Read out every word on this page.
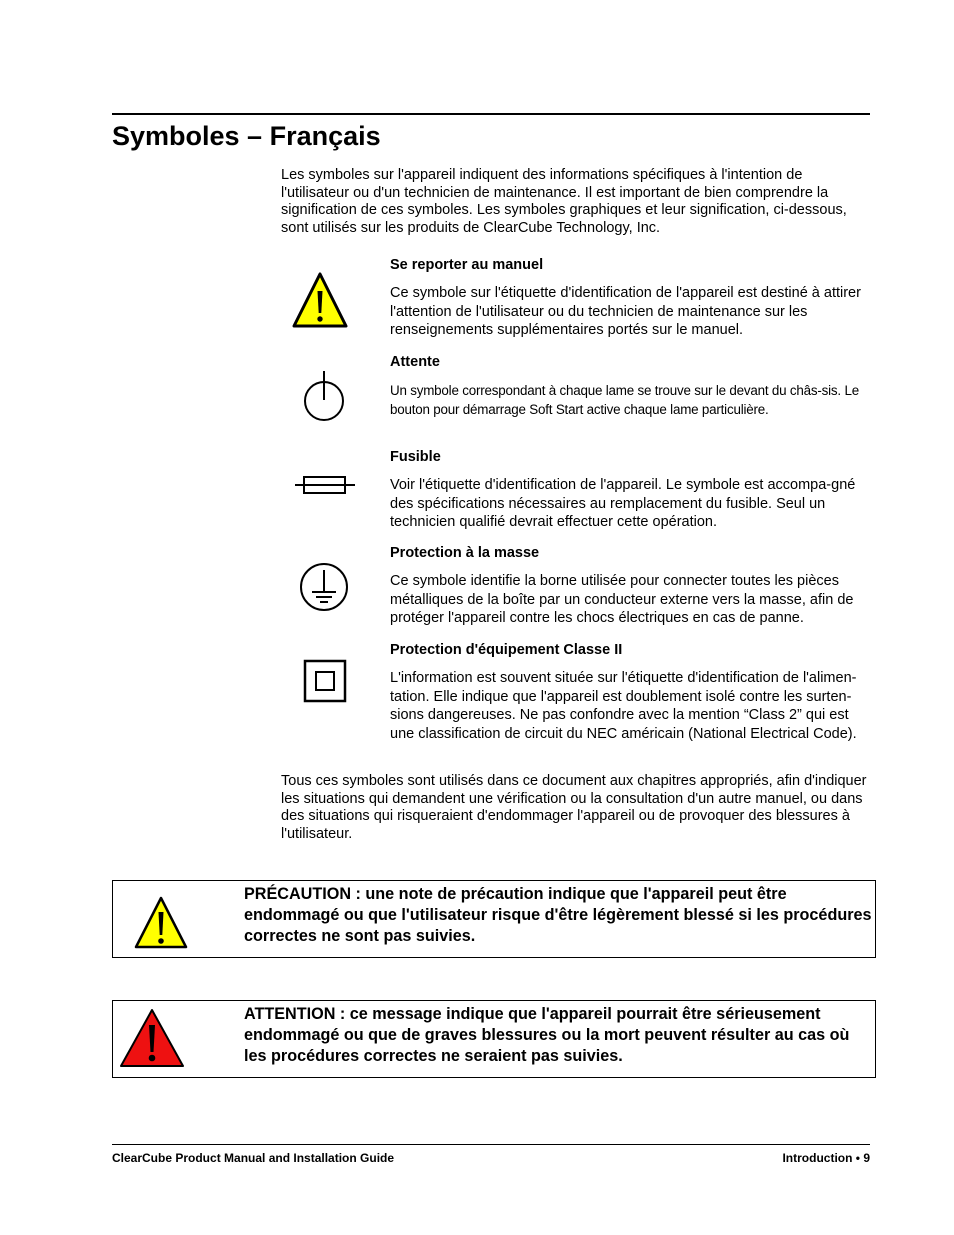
Symboles – Français

Les symboles sur l'appareil indiquent des informations spécifiques à l'intention de l'utilisateur ou d'un technicien de maintenance. Il est important de bien comprendre la signification de ces symboles. Les symboles graphiques et leur signification, ci-dessous, sont utilisés sur les produits de ClearCube Technology, Inc.

Se reporter au manuel

Ce symbole sur l'étiquette d'identification de l'appareil est destiné à attirer l'attention de l'utilisateur ou du technicien de maintenance sur les renseignements supplémentaires portés sur le manuel.

Attente

Un symbole correspondant à chaque lame se trouve sur le devant du châs-sis. Le bouton pour démarrage Soft Start active chaque lame particulière.

Fusible

Voir l'étiquette d'identification de l'appareil. Le symbole est accompa-gné des spécifications nécessaires au remplacement du fusible. Seul un technicien qualifié devrait effectuer cette opération.

Protection à la masse

Ce symbole identifie la borne utilisée pour connecter toutes les pièces métalliques de la boîte par un conducteur externe vers la masse, afin de protéger l'appareil contre les chocs électriques en cas de panne.

Protection d'équipement Classe II

L'information est souvent située sur l'étiquette d'identification de l'alimen-tation. Elle indique que l'appareil est doublement isolé contre les surten-sions dangereuses. Ne pas confondre avec la mention “Class 2” qui est une classification de circuit du NEC américain (National Electrical Code).

Tous ces symboles sont utilisés dans ce document aux chapitres appropriés, afin d'indiquer les situations qui demandent une vérification ou la consultation d'un autre manuel, ou dans des situations qui risqueraient d'endommager l'appareil ou de provoquer des blessures à l'utilisateur.

PRÉCAUTION : une note de précaution indique que l'appareil peut être endommagé ou que l'utilisateur risque d'être légèrement blessé si les procédures correctes ne sont pas suivies.

ATTENTION : ce message indique que l'appareil pourrait être sérieusement endommagé ou que de graves blessures ou la mort peuvent résulter au cas où les procédures correctes ne seraient pas suivies.

ClearCube Product Manual and Installation Guide	Introduction • 9
